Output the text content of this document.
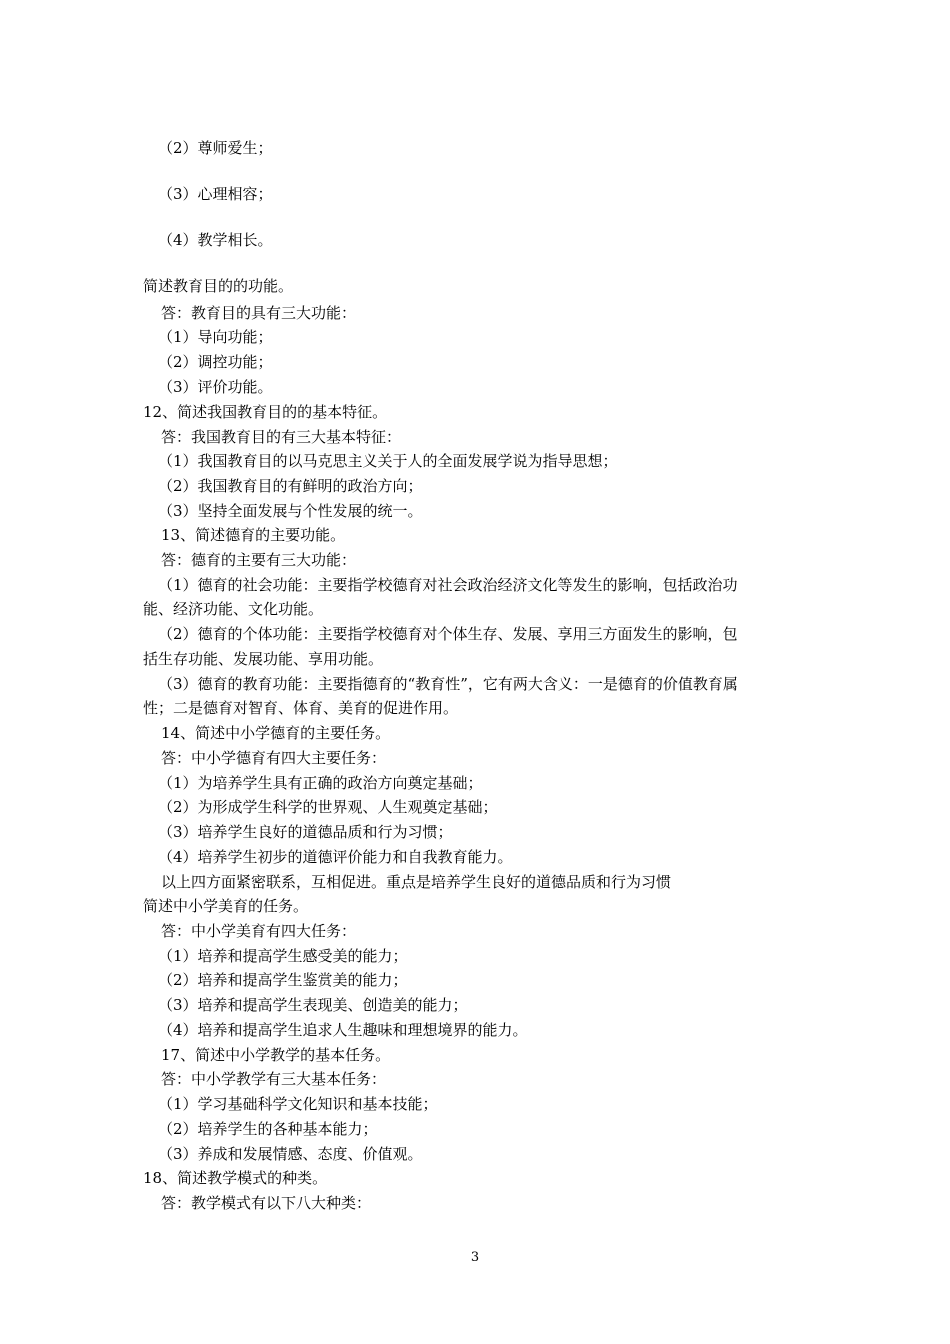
（2）尊师爱生；
（3）心理相容；
（4）教学相长。
简述教育目的的功能。
答：教育目的具有三大功能：
（1）导向功能；
（2）调控功能；
（3）评价功能。
12、简述我国教育目的的基本特征。
答：我国教育目的有三大基本特征：
（1）我国教育目的以马克思主义关于人的全面发展学说为指导思想；
（2）我国教育目的有鲜明的政治方向；
（3）坚持全面发展与个性发展的统一。
13、简述德育的主要功能。
答：德育的主要有三大功能：
（1）德育的社会功能：主要指学校德育对社会政治经济文化等发生的影响，包括政治功
能、经济功能、文化功能。
（2）德育的个体功能：主要指学校德育对个体生存、发展、享用三方面发生的影响，包
括生存功能、发展功能、享用功能。
（3）德育的教育功能：主要指德育的“教育性”，它有两大含义：一是德育的价值教育属
性；二是德育对智育、体育、美育的促进作用。
14、简述中小学德育的主要任务。
答：中小学德育有四大主要任务：
（1）为培养学生具有正确的政治方向奠定基础；
（2）为形成学生科学的世界观、人生观奠定基础；
（3）培养学生良好的道德品质和行为习惯；
（4）培养学生初步的道德评价能力和自我教育能力。
以上四方面紧密联系，互相促进。重点是培养学生良好的道德品质和行为习惯
简述中小学美育的任务。
答：中小学美育有四大任务：
（1）培养和提高学生感受美的能力；
（2）培养和提高学生鉴赏美的能力；
（3）培养和提高学生表现美、创造美的能力；
（4）培养和提高学生追求人生趣味和理想境界的能力。
17、简述中小学教学的基本任务。
答：中小学教学有三大基本任务：
（1）学习基础科学文化知识和基本技能；
（2）培养学生的各种基本能力；
（3）养成和发展情感、态度、价值观。
18、简述教学模式的种类。
答：教学模式有以下八大种类：
3
